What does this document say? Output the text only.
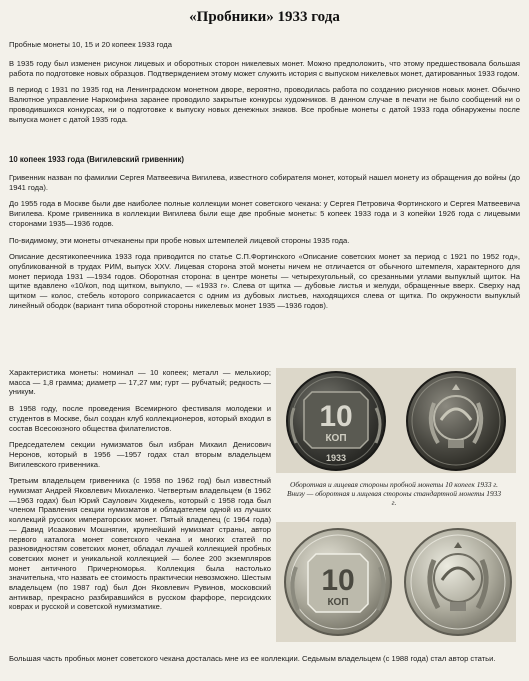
«Пробники» 1933 года

Пробные монеты 10, 15 и 20 копеек 1933 года

В 1935 году был изменен рисунок лицевых и оборотных сторон никелевых монет. Можно предположить, что этому предшествовала большая работа по подготовке новых образцов. Подтверждением этому может служить история с выпуском никелевых монет, датированных 1933 годом.

В период с 1931 по 1935 год на Ленинградском монетном дворе, вероятно, проводилась работа по созданию рисунков новых монет. Обычно Валютное управление Наркомфина заранее проводило закрытые конкурсы художников. В данном случае в печати не было сообщений ни о проводившихся конкурсах, ни о подготовке к выпуску новых денежных знаков. Все пробные монеты с датой 1933 года обнаружены после выпуска монет с датой 1935 года.

10 копеек 1933 года (Вигилевский гривенник)

Гривенник назван по фамилии Сергея Матвеевича Вигилева, известного собирателя монет, который нашел монету из обращения до войны (до 1941 года).

До 1955 года в Москве были две наиболее полные коллекции монет советского чекана: у Сергея Петровича Фортинского и Сергея Матвеевича Вигилева. Кроме гривенника в коллекции Вигилева были еще две пробные монеты: 5 копеек 1933 года и 3 копейки 1926 года с лицевыми сторонами 1935—1936 годов.

По-видимому, эти монеты отчеканены при пробе новых штемпелей лицевой стороны 1935 года.

Описание десятикопеечника 1933 года приводится по статье С.П.Фортинского «Описание советских монет за период с 1921 по 1952 год», опубликованной в трудах РИМ, выпуск XXV. Лицевая сторона этой монеты ничем не отличается от обычного штемпеля, характерного для монет периода 1931 —1934 годов. Оборотная сторона: в центре монеты — четырехугольный, со срезанными углами выпуклый щиток. На щитке вдавлено «10/коп, под щитком, выпукло, — «1933 г». Слева от щитка — дубовые листья и желуди, обращенные вверх. Сверху над щитком — колос, стебель которого соприкасается с одним из дубовых листьев, находящихся слева от щитка. По окружности выпуклый линейный ободок (вариант типа оборотной стороны никелевых монет 1935 —1936 годов).

Характеристика монеты: номинал — 10 копеек; металл — мельхиор; масса — 1,8 грамма; диаметр — 17,27 мм; гурт — рубчатый; редкость — уникум.

В 1958 году, после проведения Всемирного фестиваля молодежи и студентов в Москве, был создан клуб коллекционеров, который входил в состав Всесоюзного общества филателистов.

Председателем секции нумизматов был избран Михаил Денисович Неронов, который в 1956 —1957 годах стал вторым владельцем Вигилевского гривенника.

Третьим владельцем гривенника (с 1958 по 1962 год) был известный нумизмат Андрей Яковлевич Михаленко. Четвертым владельцем (в 1962—1963 годах) был Юрий Саулович Хидекель, который с 1958 года был членом Правления секции нумизматов и обладателем одной из лучших коллекций русских императорских монет. Пятый владелец (с 1964 года) — Давид Исаакович Мошнягин, крупнейший нумизмат страны, автор первого каталога монет советского чекана и многих статей по разновидностям советских монет, обладал лучшей коллекцией пробных советских монет и уникальной коллекцией — более 200 экземпляров монет античного Причерноморья. Коллекция была настолько значительна, что назвать ее стоимость практически невозможно. Шестым владельцем (по 1987 год) был Дон Яковлевич Рувинов, московский антиквар, прекрасно разбиравшийся в русском фарфоре, персидских коврах и русской и советской нумизматике.

Большая часть пробных монет советского чекана досталась мне из ее коллекции. Седьмым владельцем (с 1988 года) стал автор статьи.

10
КОП
1933
Оборотная и лицевая стороны пробной монеты 10 копеек 1933 г. Внизу — оборотная и лицевая стороны стандартной монеты 1933 г.
10
КОП
